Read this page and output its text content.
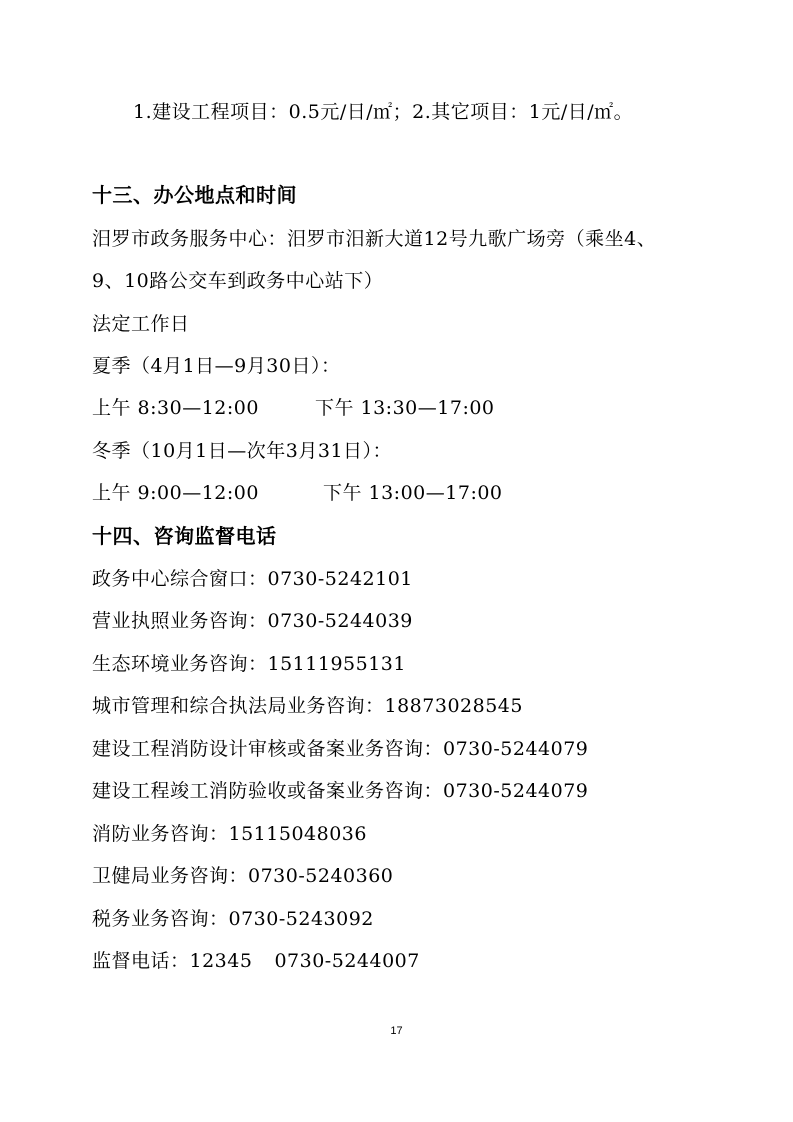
1.建设工程项目：0.5元/日/㎡；2.其它项目：1元/日/㎡。
十三、办公地点和时间
汨罗市政务服务中心：汨罗市汨新大道12号九歌广场旁（乘坐4、
9、10路公交车到政务中心站下）
法定工作日
夏季（4月1日—9月30日）：
上午 8:30—12:00	下午 13:30—17:00
冬季（10月1日—次年3月31日）：
上午 9:00—12:00	下午 13:00—17:00
十四、咨询监督电话
政务中心综合窗口：0730-5242101
营业执照业务咨询：0730-5244039
生态环境业务咨询：15111955131
城市管理和综合执法局业务咨询：18873028545
建设工程消防设计审核或备案业务咨询：0730-5244079
建设工程竣工消防验收或备案业务咨询：0730-5244079
消防业务咨询：15115048036
卫健局业务咨询：0730-5240360
税务业务咨询：0730-5243092
监督电话：12345 0730-5244007
17
